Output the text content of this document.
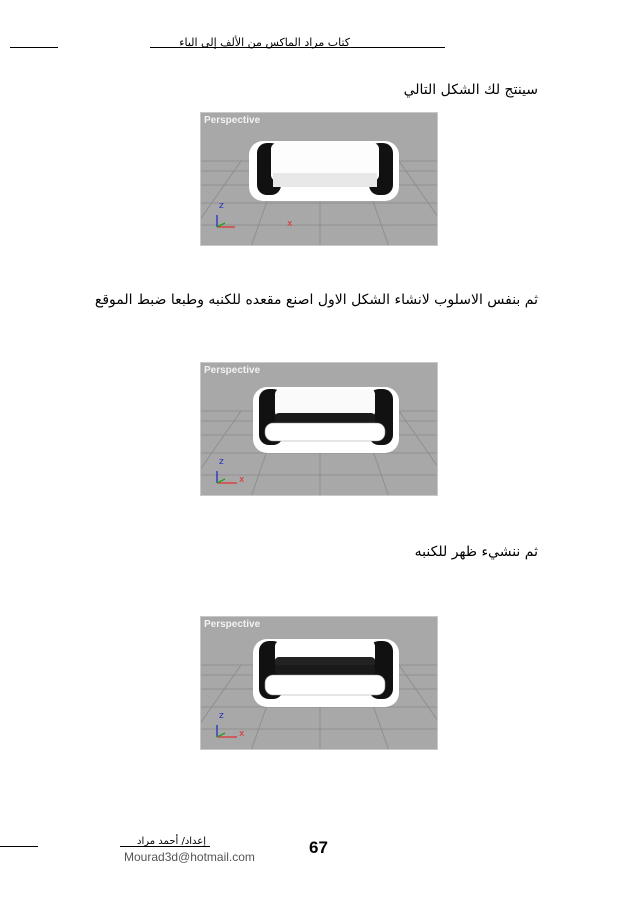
كتاب مراد الماكس من الألف إلى الياء
سينتج لك الشكل التالي
Perspective
z
x
ثم بنفس الاسلوب لانشاء الشكل الاول اصنع مقعده للكنبه وطبعا ضبط الموقع
Perspective
z
x
ثم ننشيء ظهر للكنبه
Perspective
z
x
إعداد/ أحمد مراد
Mourad3d@hotmail.com	67
